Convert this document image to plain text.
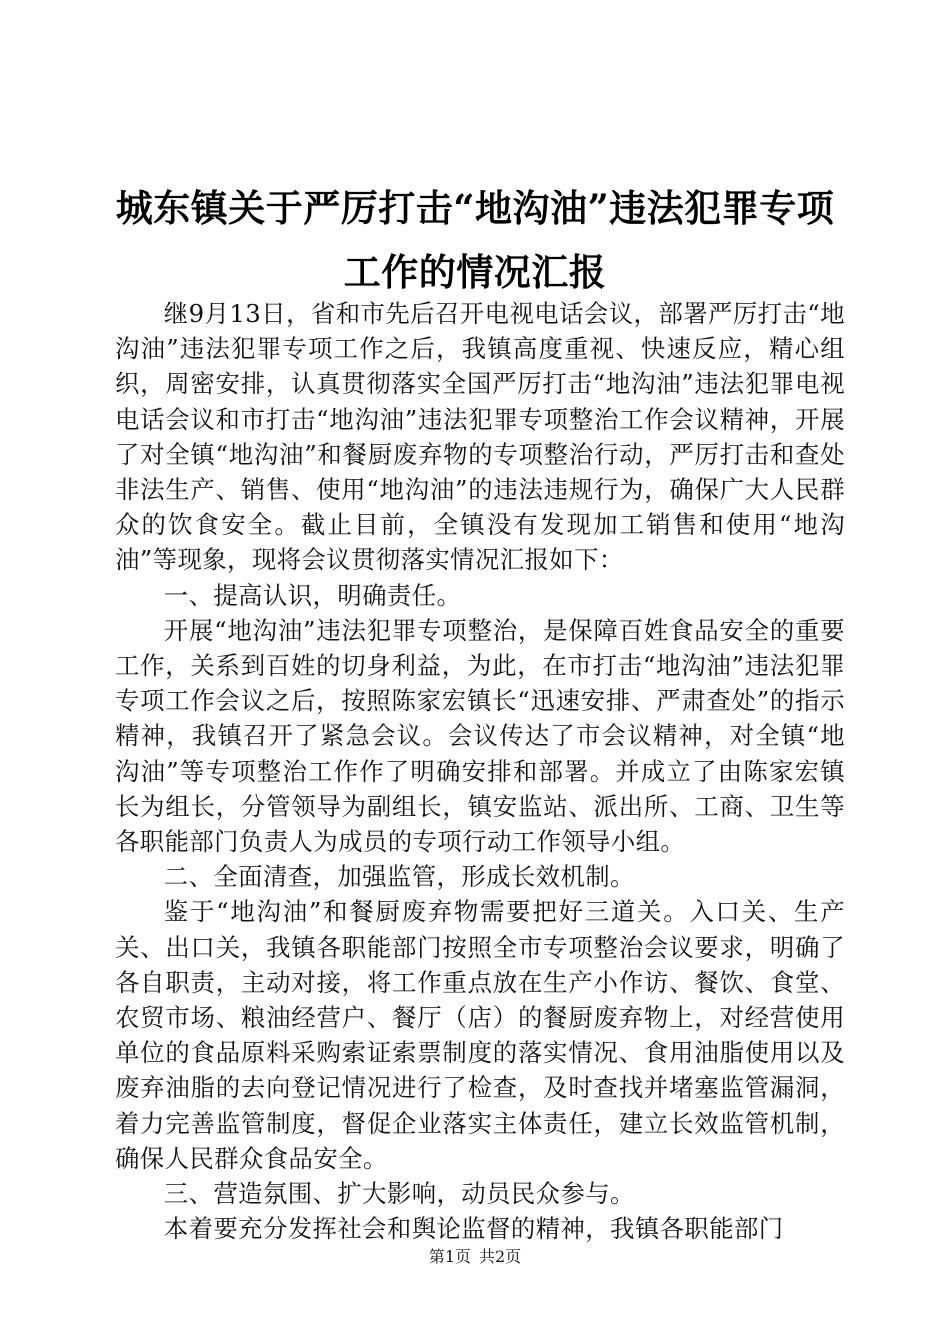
城东镇关于严厉打击“地沟油”违法犯罪专项
工作的情况汇报

继9月13日，省和市先后召开电视电话会议，部署严厉打击“地沟油”违法犯罪专项工作之后，我镇高度重视、快速反应，精心组织，周密安排，认真贯彻落实全国严厉打击“地沟油”违法犯罪电视电话会议和市打击“地沟油”违法犯罪专项整治工作会议精神，开展了对全镇“地沟油”和餐厨废弃物的专项整治行动，严厉打击和查处非法生产、销售、使用“地沟油”的违法违规行为，确保广大人民群众的饮食安全。截止目前，全镇没有发现加工销售和使用“地沟油”等现象，现将会议贯彻落实情况汇报如下：

一、提高认识，明确责任。

开展“地沟油”违法犯罪专项整治，是保障百姓食品安全的重要工作，关系到百姓的切身利益，为此，在市打击“地沟油”违法犯罪专项工作会议之后，按照陈家宏镇长“迅速安排、严肃查处”的指示精神，我镇召开了紧急会议。会议传达了市会议精神，对全镇“地沟油”等专项整治工作作了明确安排和部署。并成立了由陈家宏镇长为组长，分管领导为副组长，镇安监站、派出所、工商、卫生等各职能部门负责人为成员的专项行动工作领导小组。

二、全面清查，加强监管，形成长效机制。

鉴于“地沟油”和餐厨废弃物需要把好三道关。入口关、生产关、出口关，我镇各职能部门按照全市专项整治会议要求，明确了各自职责，主动对接，将工作重点放在生产小作访、餐饮、食堂、农贸市场、粮油经营户、餐厅（店）的餐厨废弃物上，对经营使用单位的食品原料采购索证索票制度的落实情况、食用油脂使用以及废弃油脂的去向登记情况进行了检查，及时查找并堵塞监管漏洞，着力完善监管制度，督促企业落实主体责任，建立长效监管机制，确保人民群众食品安全。

三、营造氛围、扩大影响，动员民众参与。

本着要充分发挥社会和舆论监督的精神，我镇各职能部门

第1页 共2页
